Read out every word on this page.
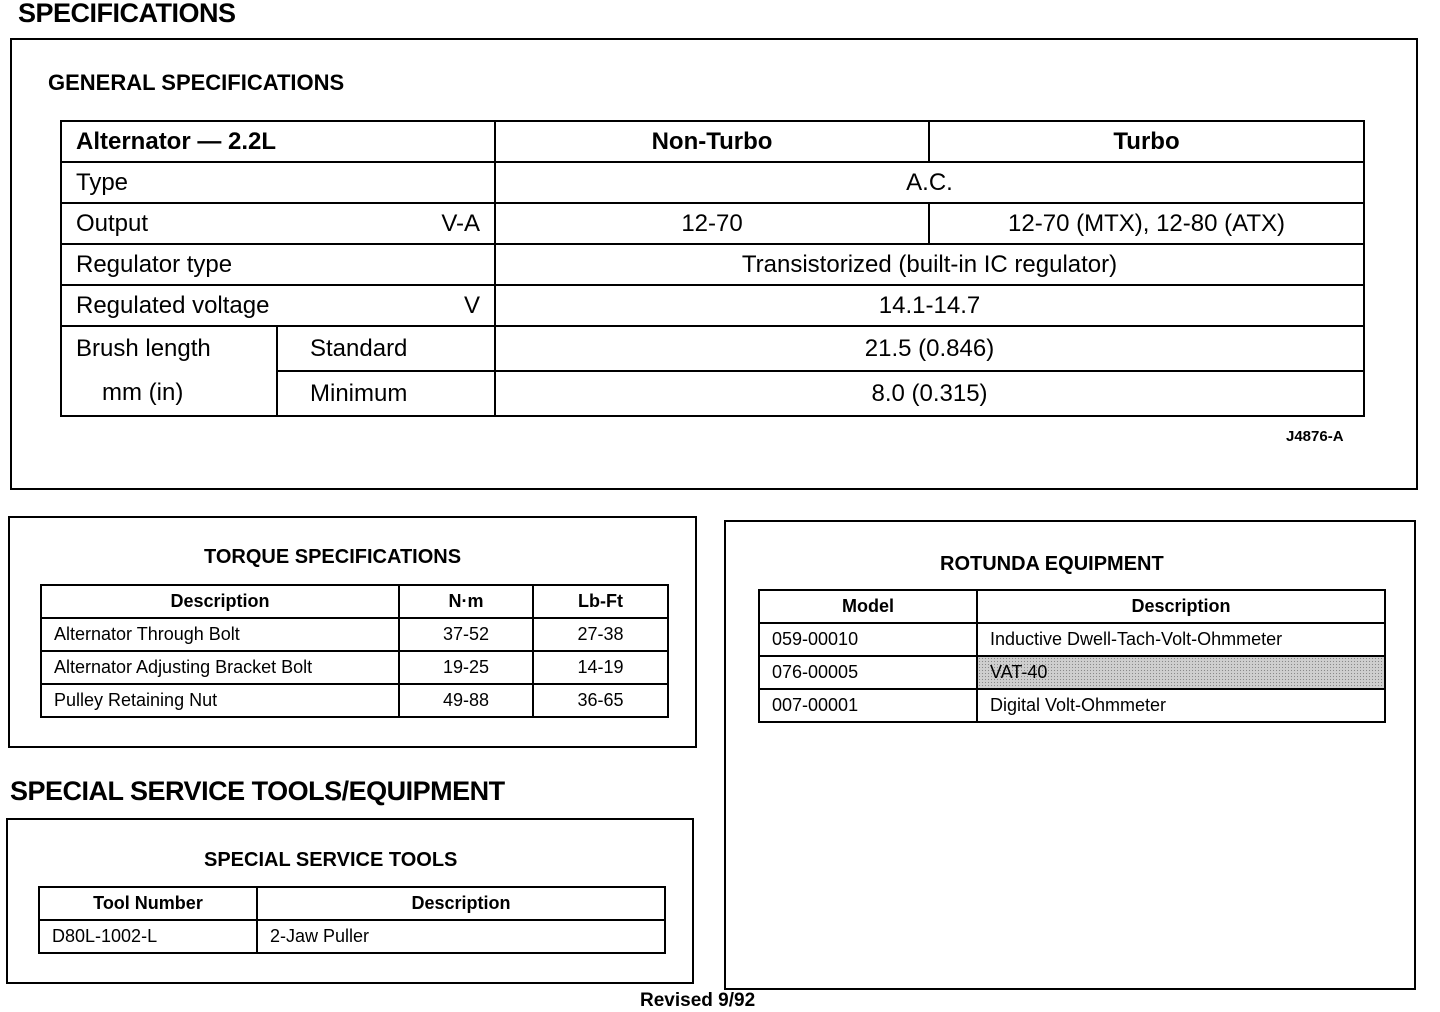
SPECIFICATIONS
GENERAL SPECIFICATIONS
Alternator — 2.2L		Non-Turbo	Turbo
Type		A.C.	

Output V-A		12-70	12-70 (MTX), 12-80 (ATX)
Regulator type		Transistorized (built-in IC regulator)	

Regulated voltage V		14.1-14.7	

Brush length
mm (in)	Standard	21.5 (0.846)	
	Minimum	8.0 (0.315)	
J4876-A
TORQUE SPECIFICATIONS
Description	N·m	Lb-Ft
Alternator Through Bolt	37-52	27-38
Alternator Adjusting Bracket Bolt	19-25	14-19
Pulley Retaining Nut	49-88	36-65
ROTUNDA EQUIPMENT
Model	Description
059-00010	Inductive Dwell-Tach-Volt-Ohmmeter
076-00005	VAT-40
007-00001	Digital Volt-Ohmmeter
SPECIAL SERVICE TOOLS/EQUIPMENT
SPECIAL SERVICE TOOLS
Tool Number	Description
D80L-1002-L	2-Jaw Puller
Revised 9/92
